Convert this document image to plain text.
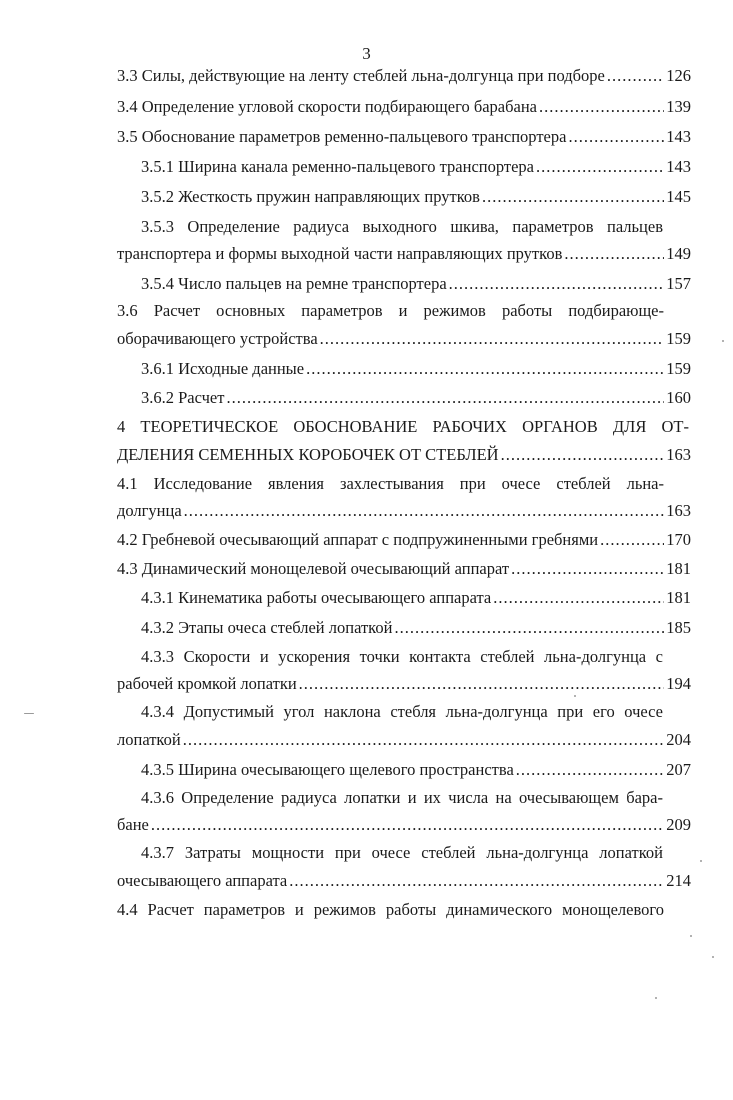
3
3.3 Силы, действующие на ленту стеблей льна-долгунца при подборе .....	126
3.4 Определение угловой скорости подбирающего барабана .....	139
3.5 Обоснование параметров ременно-пальцевого транспортера .....	143
3.5.1 Ширина канала ременно-пальцевого транспортера .....	143
3.5.2 Жесткость пружин направляющих прутков .....	145
3.5.3 Определение радиуса выходного шкива, параметров пальцев
транспортера и формы выходной части направляющих прутков .....	149
3.5.4 Число пальцев на ремне транспортера .....	157
3.6 Расчет основных параметров и режимов работы подбирающе-
оборачивающего устройства .....	159
3.6.1 Исходные данные .....	159
3.6.2 Расчет .....	160
4 ТЕОРЕТИЧЕСКОЕ ОБОСНОВАНИЕ РАБОЧИХ ОРГАНОВ ДЛЯ ОТ-
ДЕЛЕНИЯ СЕМЕННЫХ КОРОБОЧЕК ОТ СТЕБЛЕЙ .....	163
4.1 Исследование явления захлестывания при очесе стеблей льна-
долгунца .....	163
4.2 Гребневой очесывающий аппарат с подпружиненными гребнями .....	170
4.3 Динамический монощелевой очесывающий аппарат .....	181
4.3.1 Кинематика работы очесывающего аппарата .....	181
4.3.2 Этапы очеса стеблей лопаткой .....	185
4.3.3 Скорости и ускорения точки контакта стеблей льна-долгунца с
рабочей кромкой лопатки .....	194
4.3.4 Допустимый угол наклона стебля льна-долгунца при его очесе
лопаткой .....	204
4.3.5 Ширина очесывающего щелевого пространства .....	207
4.3.6 Определение радиуса лопатки и их числа на очесывающем бара-
бане .....	209
4.3.7 Затраты мощности при очесе стеблей льна-долгунца лопаткой
очесывающего аппарата .....	214
4.4 Расчет параметров и режимов работы динамического монощелевого
